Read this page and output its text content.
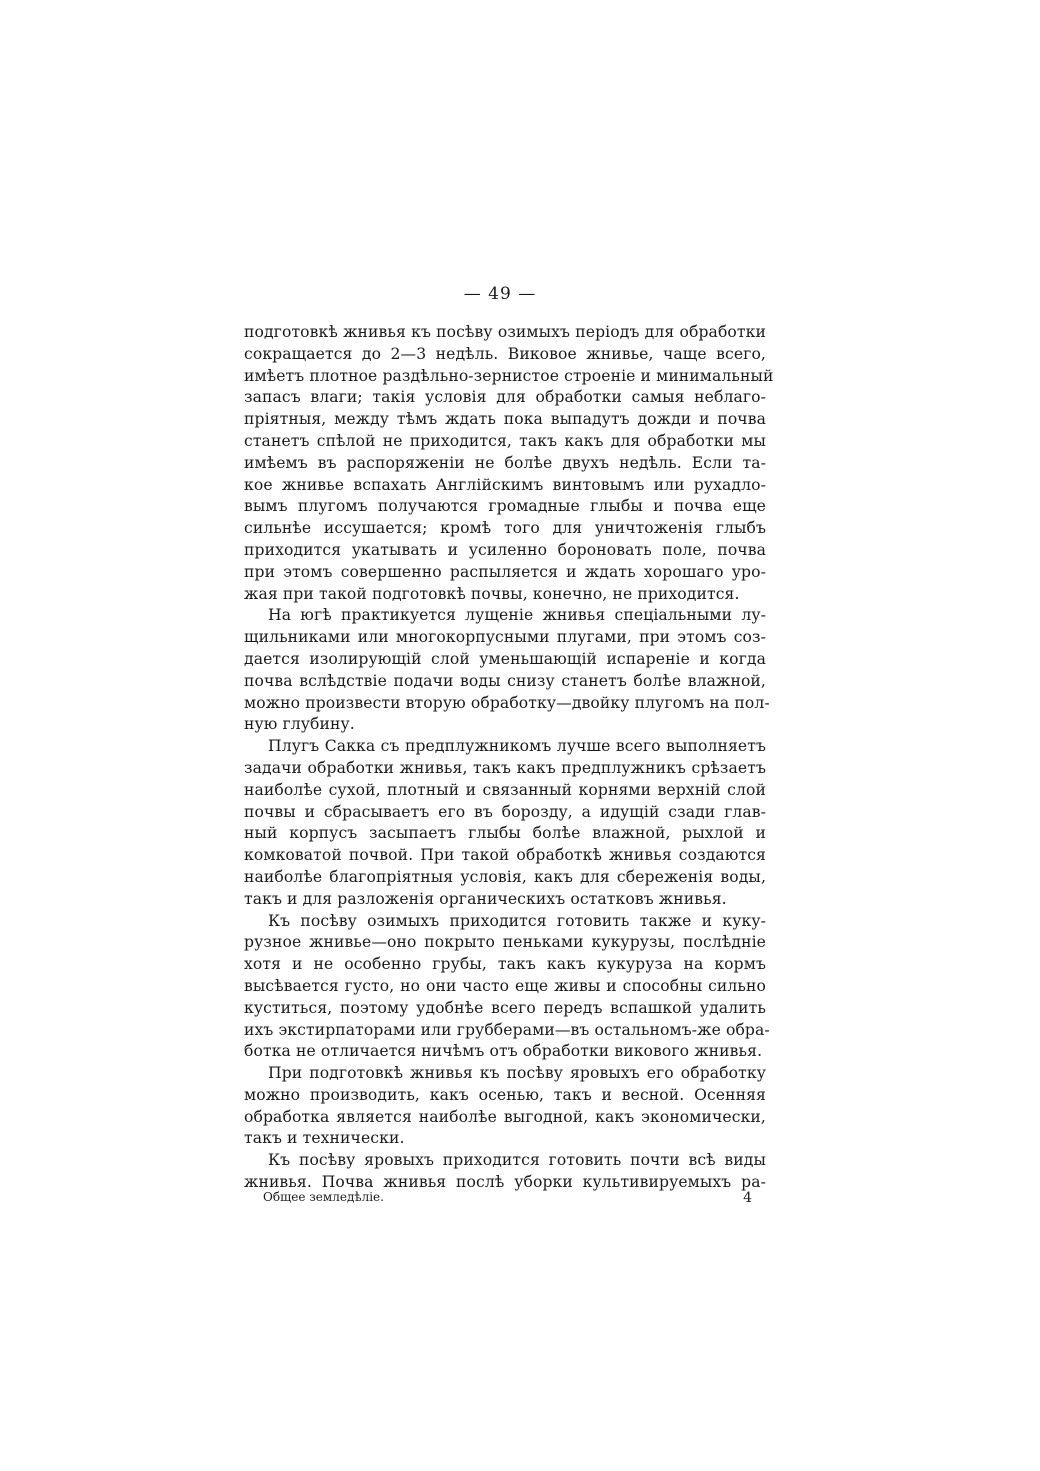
— 49 —
подготовкѣ жнивья къ посѣву озимыхъ періодъ для обработки
сокращается до 2—3 недѣль. Виковое жнивье, чаще всего,
имѣетъ плотное раздѣльно-зернистое строеніе и минимальный
запасъ влаги; такія условія для обработки самыя неблаго-
пріятныя, между тѣмъ ждать пока выпадутъ дожди и почва
станетъ спѣлой не приходится, такъ какъ для обработки мы
имѣемъ въ распоряженіи не болѣе двухъ недѣль. Если та-
кое жнивье вспахать Англійскимъ винтовымъ или рухадло-
вымъ плугомъ получаются громадные глыбы и почва еще
сильнѣе иссушается; кромѣ того для уничтоженія глыбъ
приходится укатывать и усиленно бороновать поле, почва
при этомъ совершенно распыляется и ждать хорошаго уро-
жая при такой подготовкѣ почвы, конечно, не приходится.
На югѣ практикуется лущеніе жнивья спеціальными лу-
щильниками или многокорпусными плугами, при этомъ соз-
дается изолирующій слой уменьшающій испареніе и когда
почва вслѣдствіе подачи воды снизу станетъ болѣе влажной,
можно произвести вторую обработку—двойку плугомъ на пол-
ную глубину.
Плугъ Сакка съ предплужникомъ лучше всего выполняетъ
задачи обработки жнивья, такъ какъ предплужникъ срѣзаетъ
наиболѣе сухой, плотный и связанный корнями верхній слой
почвы и сбрасываетъ его въ борозду, а идущій сзади глав-
ный корпусъ засыпаетъ глыбы болѣе влажной, рыхлой и
комковатой почвой. При такой обработкѣ жнивья создаются
наиболѣе благопріятныя условія, какъ для сбереженія воды,
такъ и для разложенія органическихъ остатковъ жнивья.
Къ посѣву озимыхъ приходится готовить также и куку-
рузное жнивье—оно покрыто пеньками кукурузы, послѣдніе
хотя и не особенно грубы, такъ какъ кукуруза на кормъ
высѣвается густо, но они часто еще живы и способны сильно
куститься, поэтому удобнѣе всего передъ вспашкой удалить
ихъ экстирпаторами или грубберами—въ остальномъ-же обра-
ботка не отличается ничѣмъ отъ обработки викового жнивья.
При подготовкѣ жнивья къ посѣву яровыхъ его обработку
можно производить, какъ осенью, такъ и весной. Осенняя
обработка является наиболѣе выгодной, какъ экономически,
такъ и технически.
Къ посѣву яровыхъ приходится готовить почти всѣ виды
жнивья. Почва жнивья послѣ уборки культивируемыхъ ра-
Общее земледѣліе.	4
